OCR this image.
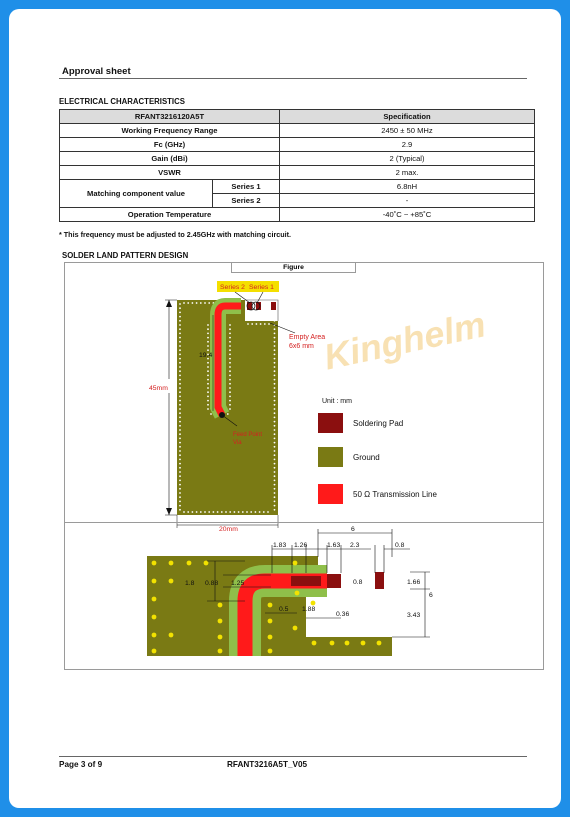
Approval sheet
ELECTRICAL CHARACTERISTICS
RFANT3216120A5T		Specification
Working Frequency Range		2450 ± 50 MHz
Fc (GHz)		2.9
Gain (dBi)		2 (Typical)
VSWR		2 max.
Matching component value	Series 1	6.8nH
	Series 2	-
Operation Temperature		-40˚C ~ +85˚C
* This frequency must be adjusted to 2.45GHz with matching circuit.
SOLDER LAND PATTERN DESIGN
Figure
Kinghelm
Series 2 Series 1
Empty Area
6x6 mm
Feed Point
Via
19.4
45mm
20mm
Unit : mm
Soldering Pad
Ground
50 Ω Transmission Line
6
1.83 1.26	1.63 2.3	0.8
0.8
0.88 1.25
1.8	1.66
6
3.43
0.5 1.88
0.36
Page 3 of 9	RFANT3216A5T_V05
